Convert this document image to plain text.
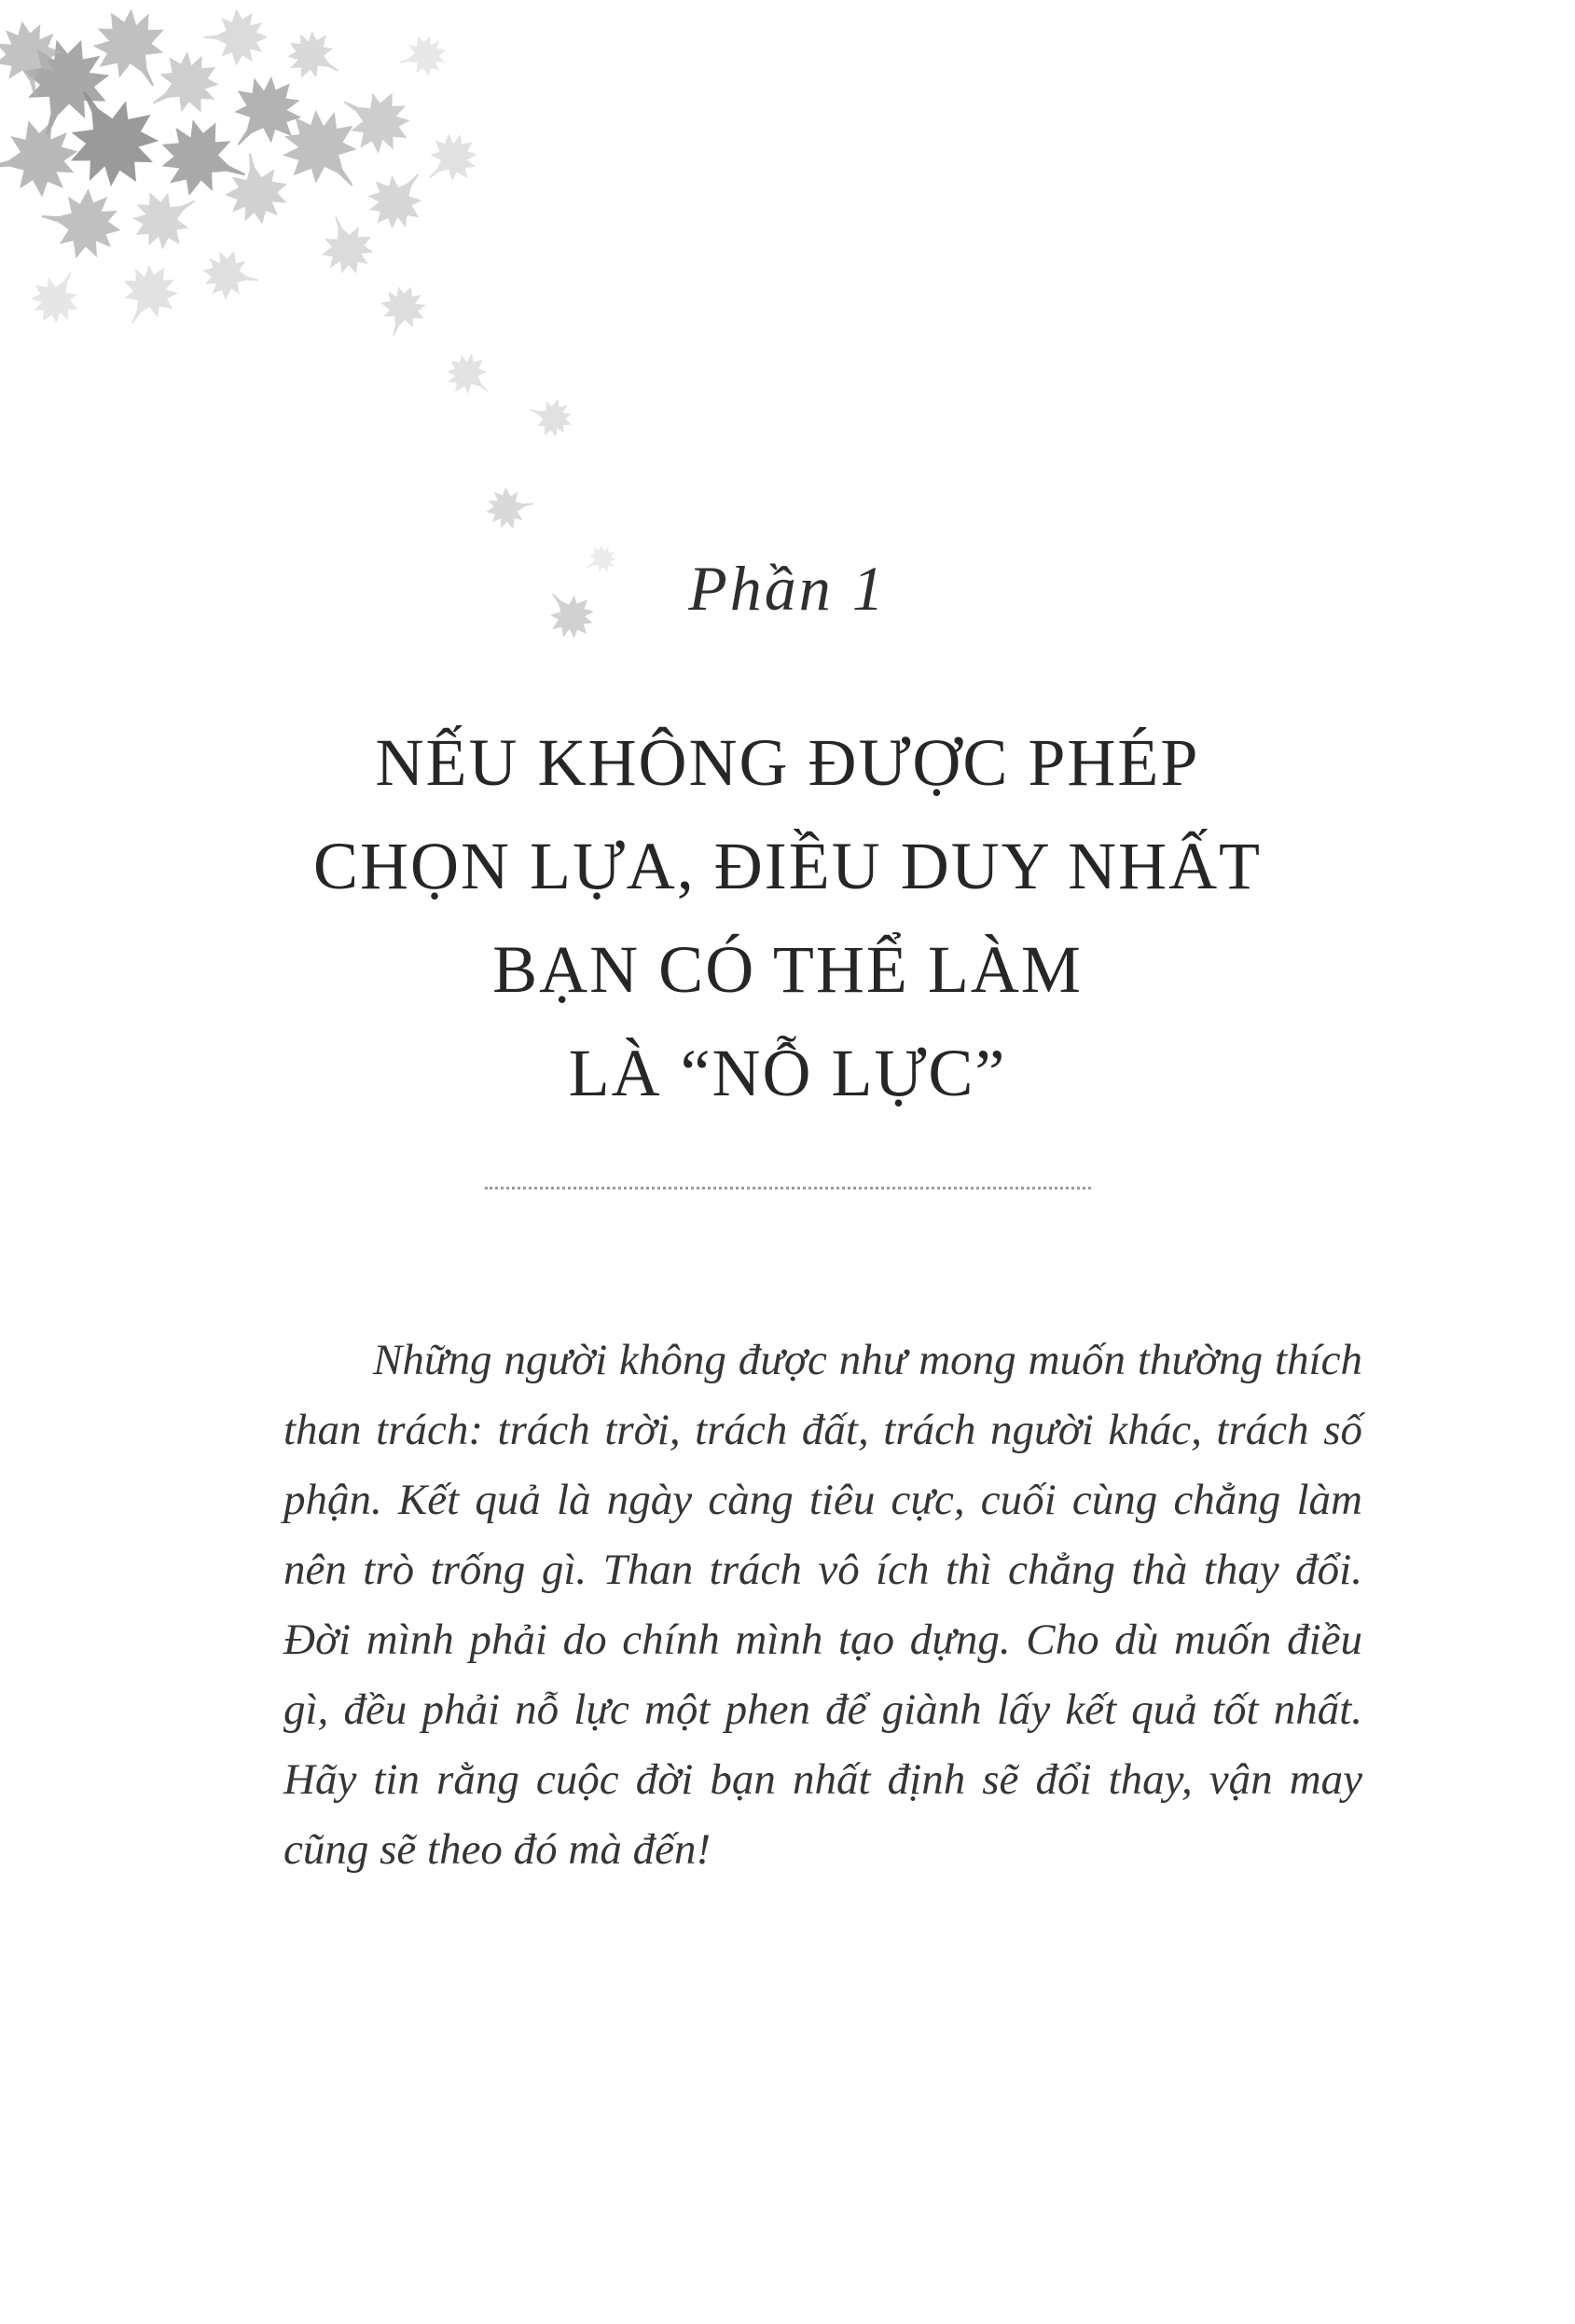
Phần 1

NẾU KHÔNG ĐƯỢC PHÉP
CHỌN LỰA, ĐIỀU DUY NHẤT
BẠN CÓ THỂ LÀM
LÀ “NỖ LỰC”

Những người không được như mong muốn thường thích than trách: trách trời, trách đất, trách người khác, trách số phận. Kết quả là ngày càng tiêu cực, cuối cùng chẳng làm nên trò trống gì. Than trách vô ích thì chẳng thà thay đổi. Đời mình phải do chính mình tạo dựng. Cho dù muốn điều gì, đều phải nỗ lực một phen để giành lấy kết quả tốt nhất. Hãy tin rằng cuộc đời bạn nhất định sẽ đổi thay, vận may cũng sẽ theo đó mà đến!
